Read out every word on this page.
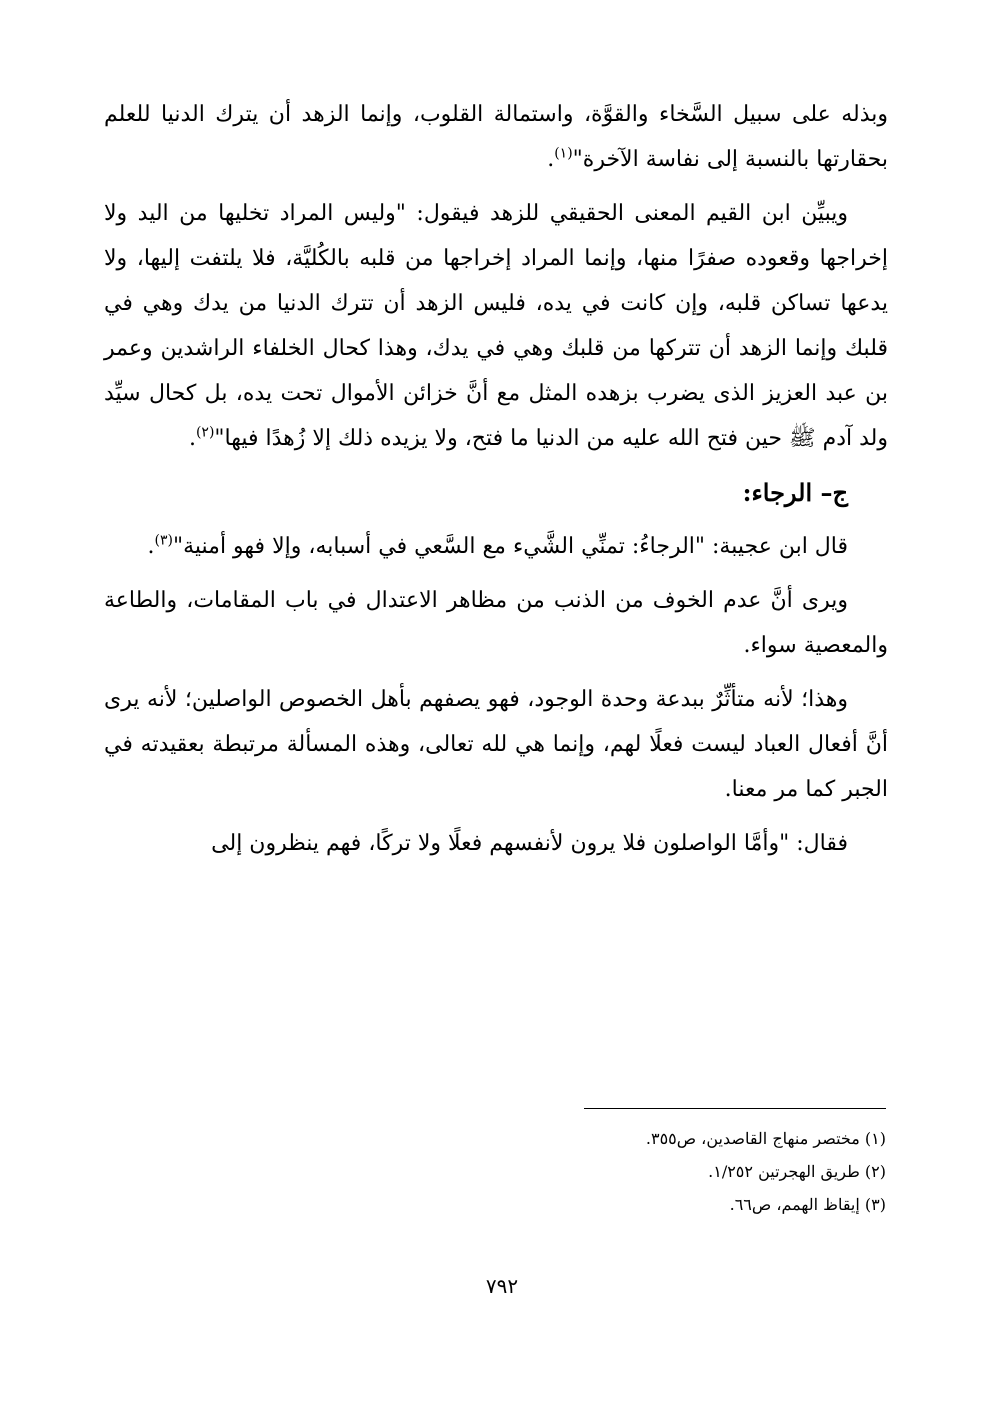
وبذله على سبيل السَّخاء والقوَّة، واستمالة القلوب، وإنما الزهد أن يترك الدنيا للعلم بحقارتها بالنسبة إلى نفاسة الآخرة"$^{(١)}$.

ويبيِّن ابن القيم المعنى الحقيقي للزهد فيقول: "وليس المراد تخليها من اليد ولا إخراجها وقعوده صفرًا منها، وإنما المراد إخراجها من قلبه بالكُليَّة، فلا يلتفت إليها، ولا يدعها تساكن قلبه، وإن كانت في يده، فليس الزهد أن تترك الدنيا من يدك وهي في قلبك وإنما الزهد أن تتركها من قلبك وهي في يدك، وهذا كحال الخلفاء الراشدين وعمر بن عبد العزيز الذى يضرب بزهده المثل مع أنَّ خزائن الأموال تحت يده، بل كحال سيِّد ولد آدم ﷺ حين فتح الله عليه من الدنيا ما فتح، ولا يزيده ذلك إلا زُهدًا فيها"$^{(٢)}$.

ج– الرجاء:

قال ابن عجيبة: "الرجاءُ: تمنِّي الشَّيء مع السَّعي في أسبابه، وإلا فهو أمنية"$^{(٣)}$.

ويرى أنَّ عدم الخوف من الذنب من مظاهر الاعتدال في باب المقامات، والطاعة والمعصية سواء.

وهذا؛ لأنه متأثِّرٌ ببدعة وحدة الوجود، فهو يصفهم بأهل الخصوص الواصلين؛ لأنه يرى أنَّ أفعال العباد ليست فعلًا لهم، وإنما هي لله تعالى، وهذه المسألة مرتبطة بعقيدته في الجبر كما مر معنا.

فقال: "وأمَّا الواصلون فلا يرون لأنفسهم فعلًا ولا تركًا، فهم ينظرون إلى

(١) مختصر منهاج القاصدين، ص٣٥٥.

(٢) طريق الهجرتين ١/٢٥٢.

(٣) إيقاظ الهمم، ص٦٦.

٧٩٢
